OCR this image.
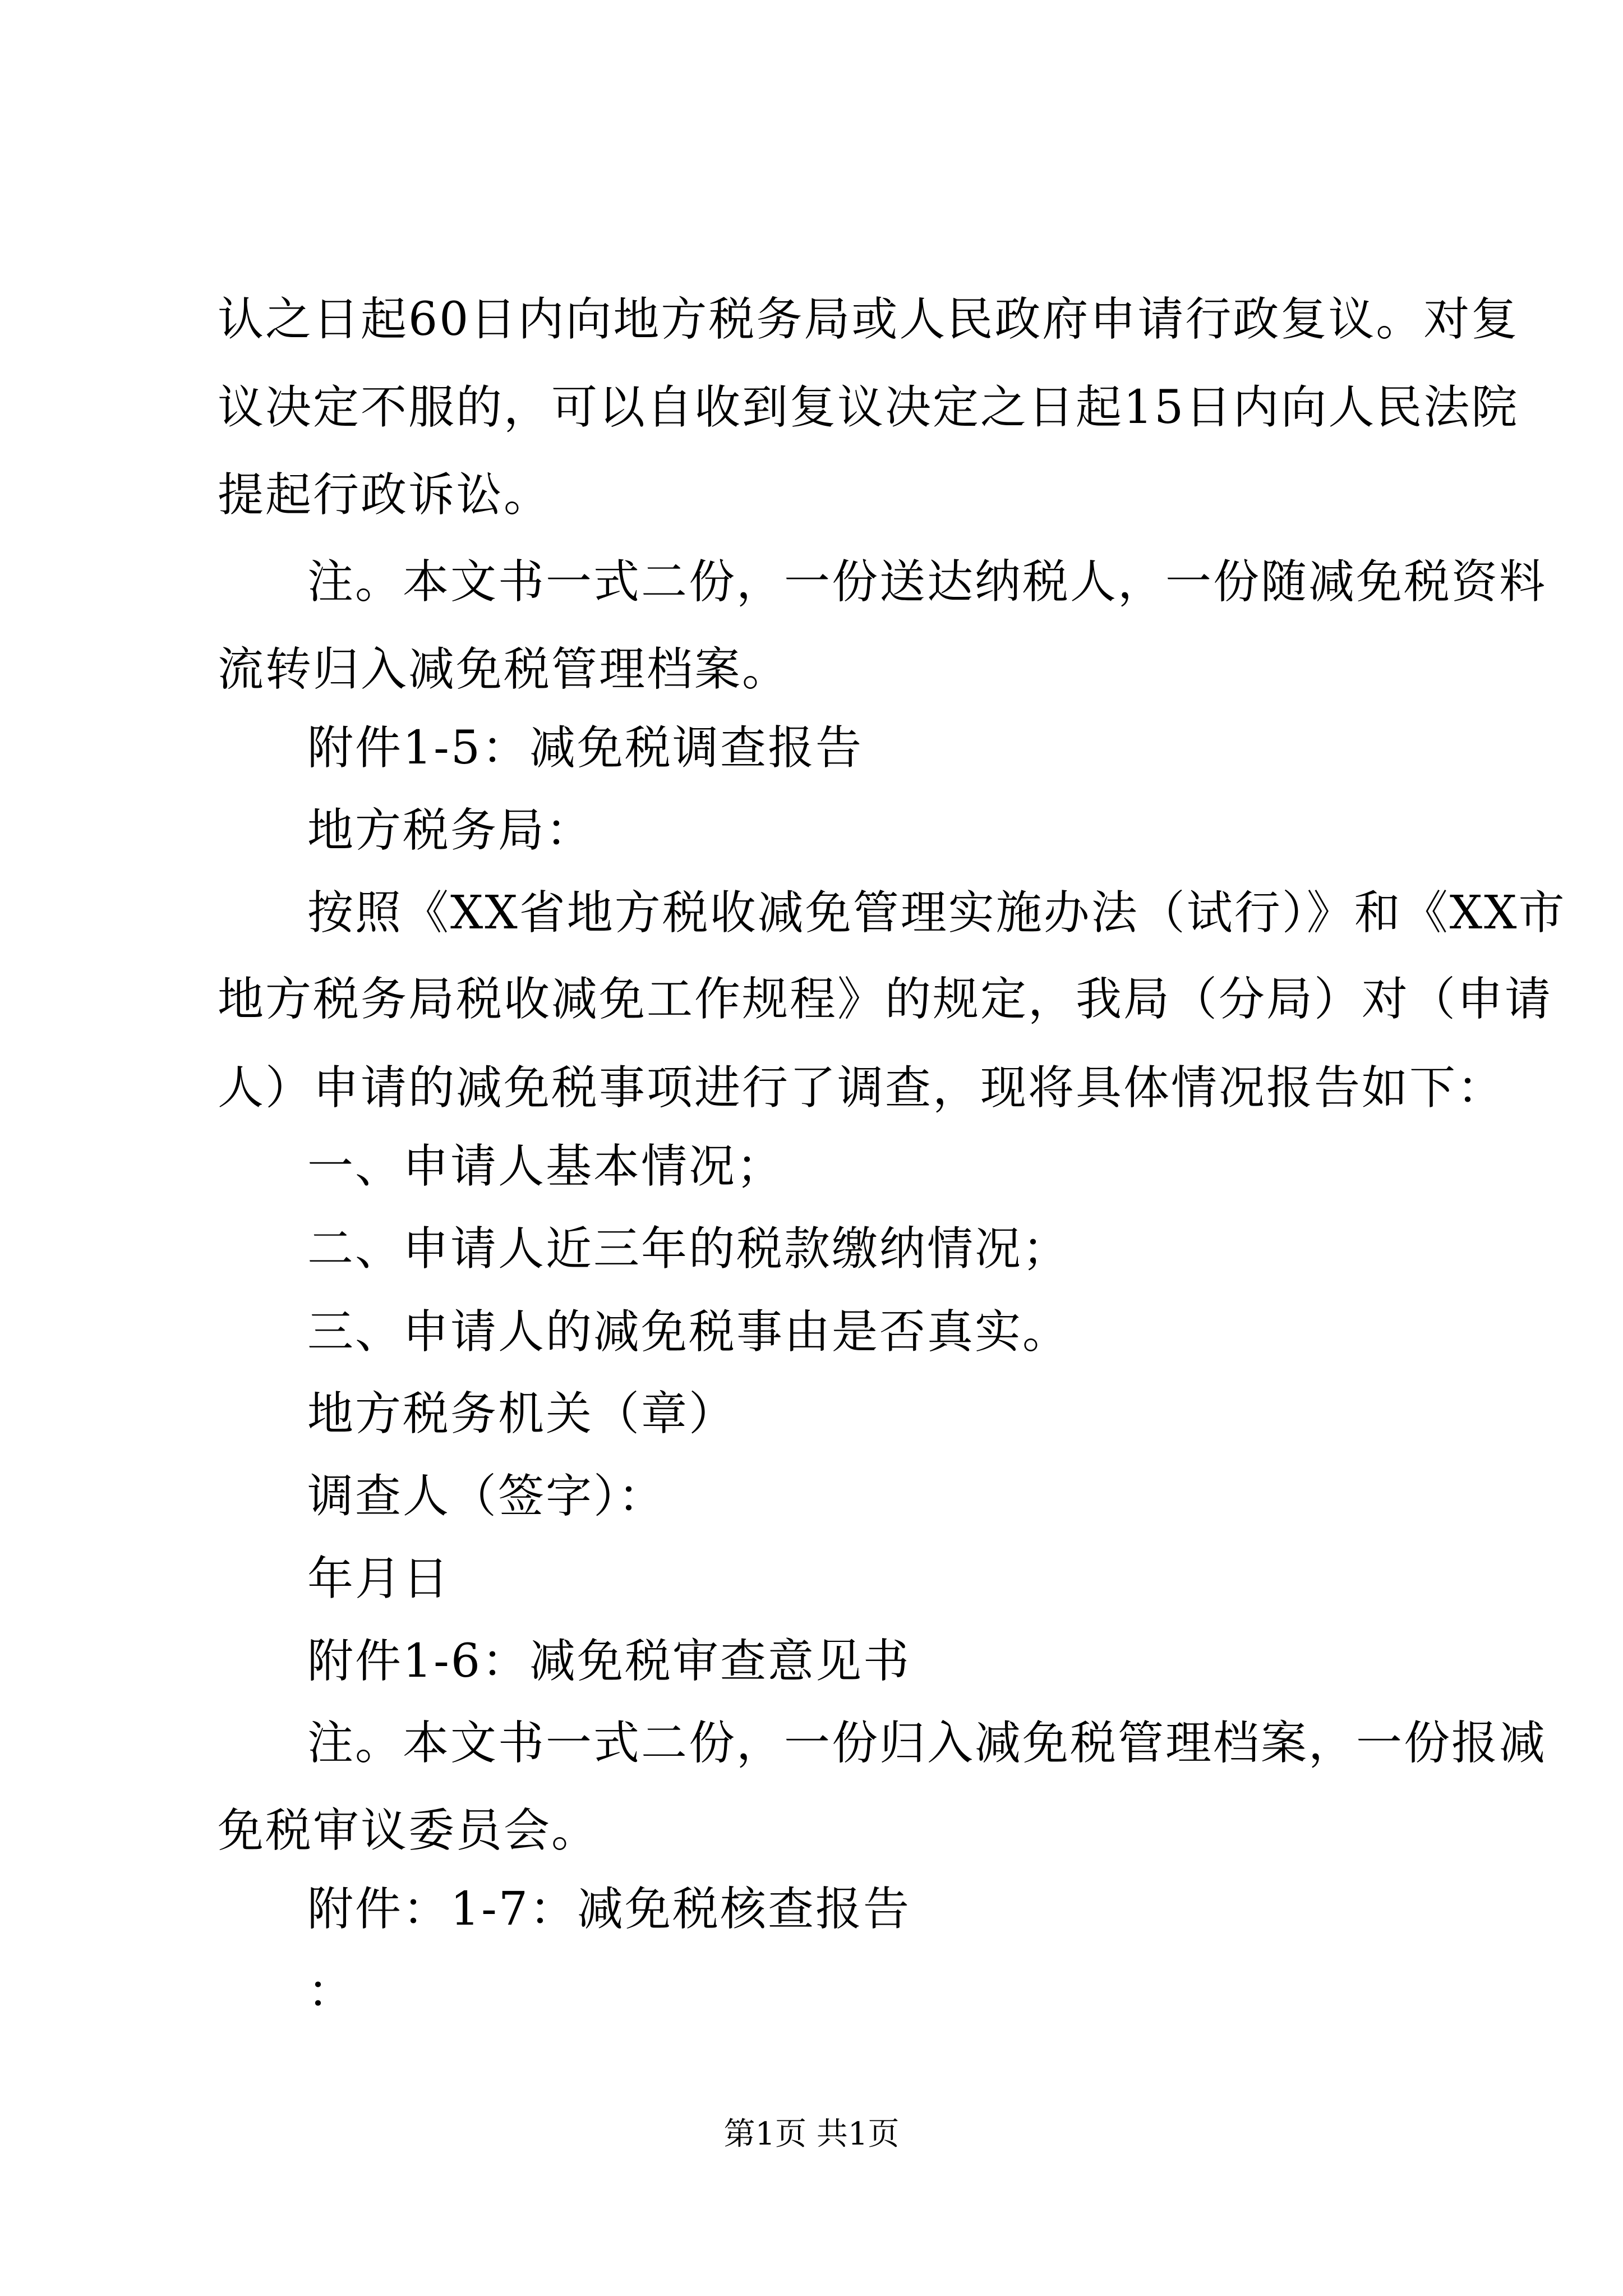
认之日起60日内向地方税务局或人民政府申请行政复议。对复
议决定不服的，可以自收到复议决定之日起15日内向人民法院
提起行政诉讼。
注。本文书一式二份，一份送达纳税人，一份随减免税资料
流转归入减免税管理档案。
附件1-5：减免税调查报告
地方税务局：
按照《XX省地方税收减免管理实施办法（试行）》和《XX市
地方税务局税收减免工作规程》的规定，我局（分局）对（申请
人）申请的减免税事项进行了调查，现将具体情况报告如下：
一、申请人基本情况；
二、申请人近三年的税款缴纳情况；
三、申请人的减免税事由是否真实。
地方税务机关（章）
调查人（签字）：
年月日
附件1-6：减免税审查意见书
注。本文书一式二份，一份归入减免税管理档案，一份报减
免税审议委员会。
附件：1-7：减免税核查报告
：
第1页 共1页
